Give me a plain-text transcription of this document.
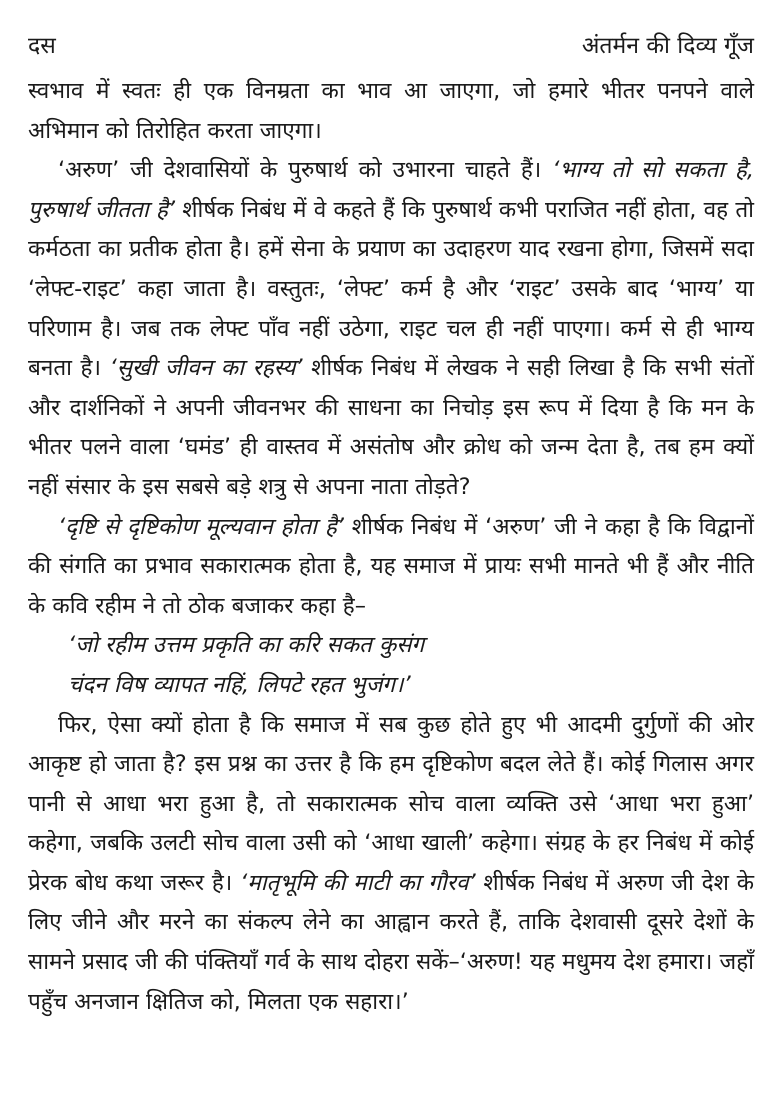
दस	अंतर्मन की दिव्य गूँज

स्वभाव में स्वतः ही एक विनम्रता का भाव आ जाएगा, जो हमारे भीतर पनपने वाले अभिमान को तिरोहित करता जाएगा।

‘अरुण’ जी देशवासियों के पुरुषार्थ को उभारना चाहते हैं। ‘भाग्य तो सो सकता है, पुरुषार्थ जीतता है’ शीर्षक निबंध में वे कहते हैं कि पुरुषार्थ कभी पराजित नहीं होता, वह तो कर्मठता का प्रतीक होता है। हमें सेना के प्रयाण का उदाहरण याद रखना होगा, जिसमें सदा ‘लेफ्ट-राइट’ कहा जाता है। वस्तुतः, ‘लेफ्ट’ कर्म है और ‘राइट’ उसके बाद ‘भाग्य’ या परिणाम है। जब तक लेफ्ट पाँव नहीं उठेगा, राइट चल ही नहीं पाएगा। कर्म से ही भाग्य बनता है। ‘सुखी जीवन का रहस्य’ शीर्षक निबंध में लेखक ने सही लिखा है कि सभी संतों और दार्शनिकों ने अपनी जीवनभर की साधना का निचोड़ इस रूप में दिया है कि मन के भीतर पलने वाला ‘घमंड’ ही वास्तव में असंतोष और क्रोध को जन्म देता है, तब हम क्यों नहीं संसार के इस सबसे बड़े शत्रु से अपना नाता तोड़ते?

‘दृष्टि से दृष्टिकोण मूल्यवान होता है’ शीर्षक निबंध में ‘अरुण’ जी ने कहा है कि विद्वानों की संगति का प्रभाव सकारात्मक होता है, यह समाज में प्रायः सभी मानते भी हैं और नीति के कवि रहीम ने तो ठोक बजाकर कहा है–

‘जो रहीम उत्तम प्रकृति का करि सकत कुसंग

चंदन विष व्यापत नहिं, लिपटे रहत भुजंग।’

फिर, ऐसा क्यों होता है कि समाज में सब कुछ होते हुए भी आदमी दुर्गुणों की ओर आकृष्ट हो जाता है? इस प्रश्न का उत्तर है कि हम दृष्टिकोण बदल लेते हैं। कोई गिलास अगर पानी से आधा भरा हुआ है, तो सकारात्मक सोच वाला व्यक्ति उसे ‘आधा भरा हुआ’ कहेगा, जबकि उलटी सोच वाला उसी को ‘आधा खाली’ कहेगा। संग्रह के हर निबंध में कोई प्रेरक बोध कथा जरूर है। ‘मातृभूमि की माटी का गौरव’ शीर्षक निबंध में अरुण जी देश के लिए जीने और मरने का संकल्प लेने का आह्वान करते हैं, ताकि देशवासी दूसरे देशों के सामने प्रसाद जी की पंक्तियाँ गर्व के साथ दोहरा सकें–‘अरुण! यह मधुमय देश हमारा। जहाँ पहुँच अनजान क्षितिज को, मिलता एक सहारा।’
